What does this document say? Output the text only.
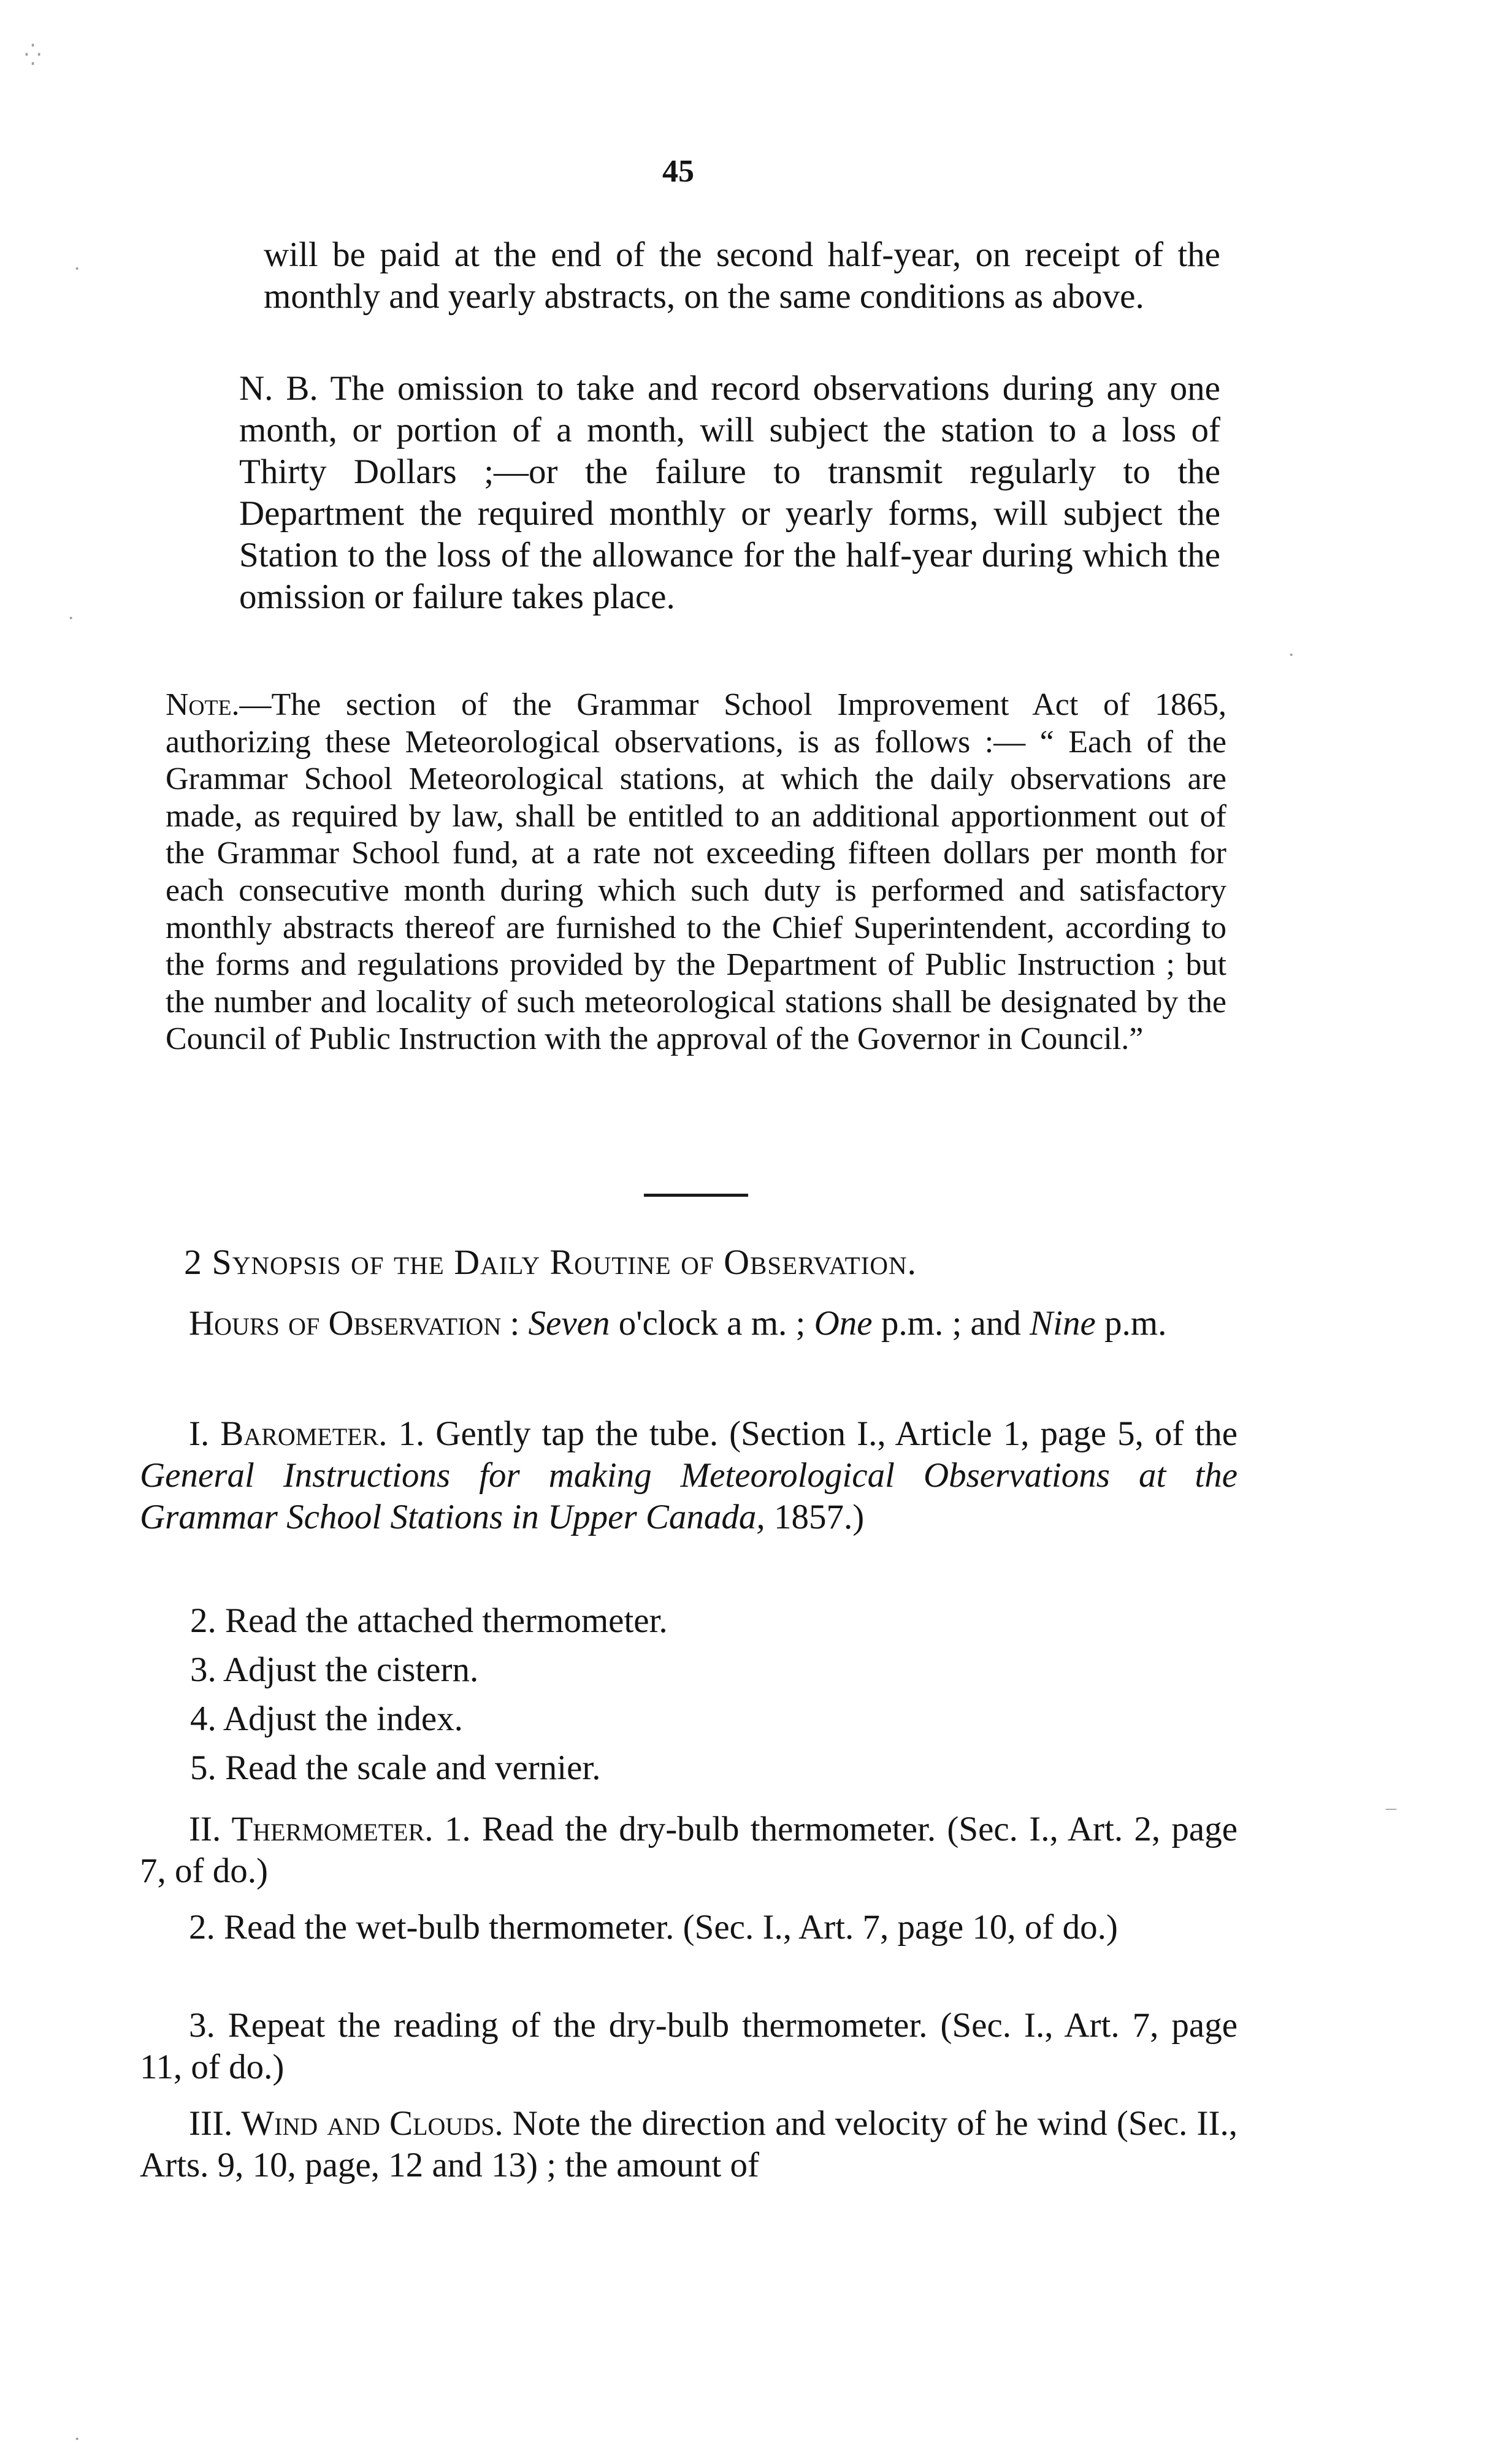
⁛
·
·
·
–
·
45

will be paid at the end of the second half-year, on receipt of the monthly and yearly abstracts, on the same conditions as above.

N. B. The omission to take and record observations during any one month, or portion of a month, will subject the station to a loss of Thirty Dollars ;—or the failure to transmit regularly to the Department the required monthly or yearly forms, will subject the Station to the loss of the allowance for the half-year during which the omission or failure takes place.

Note.—The section of the Grammar School Improvement Act of 1865, authorizing these Meteorological observations, is as follows :— “ Each of the Grammar School Meteorological stations, at which the daily observations are made, as required by law, shall be entitled to an additional apportionment out of the Grammar School fund, at a rate not exceeding fifteen dollars per month for each consecutive month during which such duty is performed and satisfactory monthly abstracts thereof are furnished to the Chief Superintendent, according to the forms and regulations provided by the Department of Public Instruction ; but the number and locality of such meteorological stations shall be designated by the Council of Public Instruction with the approval of the Governor in Council.”

2 Synopsis of the Daily Routine of Observation.

Hours of Observation : Seven o'clock a m. ; One p.m. ; and Nine p.m.

I. Barometer. 1. Gently tap the tube. (Section I., Article 1, page 5, of the General Instructions for making Meteorological Observations at the Grammar School Stations in Upper Canada, 1857.)

2. Read the attached thermometer.

3. Adjust the cistern.

4. Adjust the index.

5. Read the scale and vernier.

II. Thermometer. 1. Read the dry-bulb thermometer. (Sec. I., Art. 2, page 7, of do.)

2. Read the wet-bulb thermometer. (Sec. I., Art. 7, page 10, of do.)

3. Repeat the reading of the dry-bulb thermometer. (Sec. I., Art. 7, page 11, of do.)

III. Wind and Clouds. Note the direction and velocity of he wind (Sec. II., Arts. 9, 10, page, 12 and 13) ; the amount of
